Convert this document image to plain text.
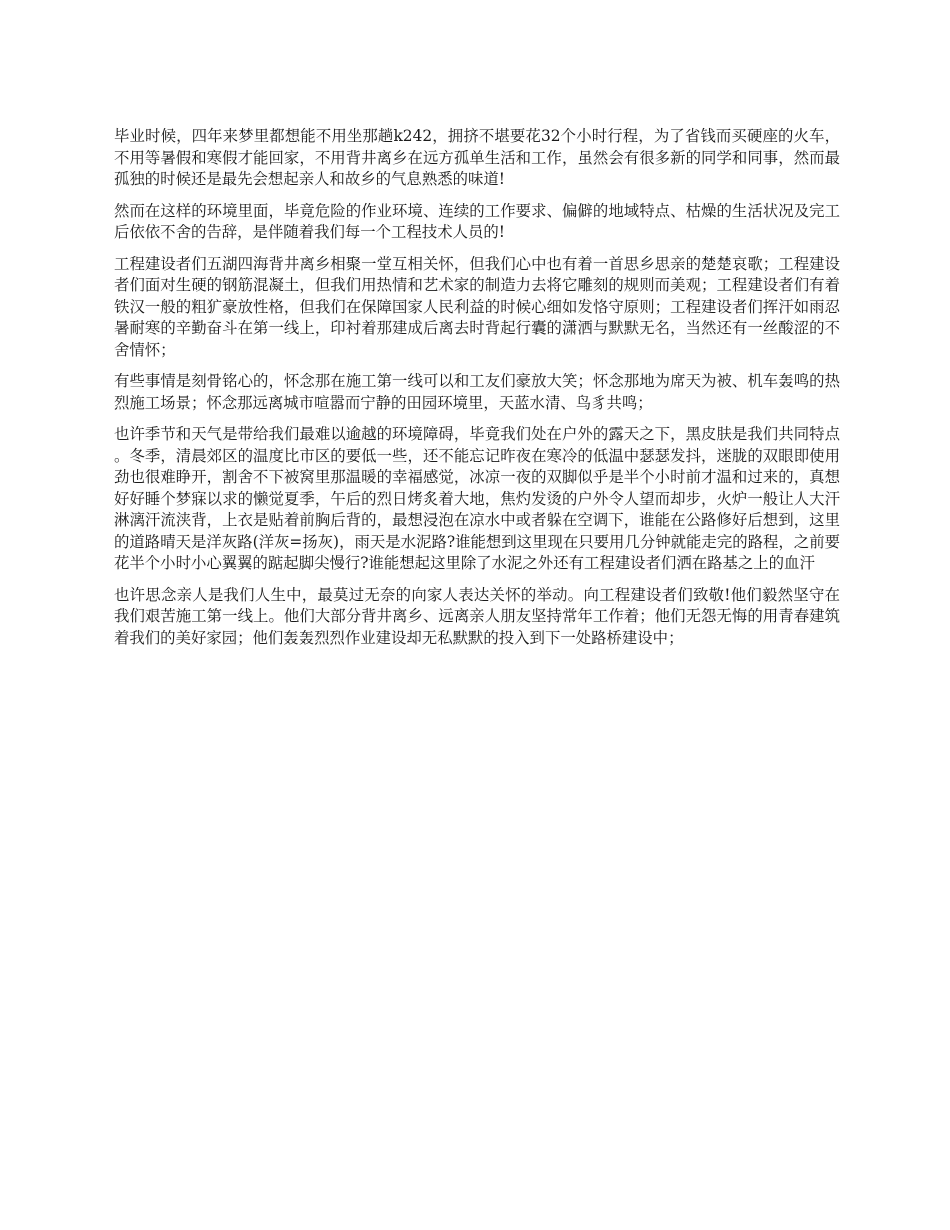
毕业时候，四年来梦里都想能不用坐那趟k242，拥挤不堪要花32个小时行程，为了省钱而买硬座的火车，不用等暑假和寒假才能回家，不用背井离乡在远方孤单生活和工作，虽然会有很多新的同学和同事，然而最孤独的时候还是最先会想起亲人和故乡的气息熟悉的味道!

然而在这样的环境里面，毕竟危险的作业环境、连续的工作要求、偏僻的地域特点、枯燥的生活状况及完工后依依不舍的告辞，是伴随着我们每一个工程技术人员的!

工程建设者们五湖四海背井离乡相聚一堂互相关怀，但我们心中也有着一首思乡思亲的楚楚哀歌；工程建设者们面对生硬的钢筋混凝土，但我们用热情和艺术家的制造力去将它雕刻的规则而美观；工程建设者们有着铁汉一般的粗犷豪放性格，但我们在保障国家人民利益的时候心细如发恪守原则；工程建设者们挥汗如雨忍暑耐寒的辛勤奋斗在第一线上，印衬着那建成后离去时背起行囊的潇洒与默默无名，当然还有一丝酸涩的不舍情怀；

有些事情是刻骨铭心的，怀念那在施工第一线可以和工友们豪放大笑；怀念那地为席天为被、机车轰鸣的热烈施工场景；怀念那远离城市喧嚣而宁静的田园环境里，天蓝水清、鸟豸共鸣；

也许季节和天气是带给我们最难以逾越的环境障碍，毕竟我们处在户外的露天之下，黑皮肤是我们共同特点。冬季，清晨郊区的温度比市区的要低一些，还不能忘记昨夜在寒冷的低温中瑟瑟发抖，迷胧的双眼即使用劲也很难睁开，割舍不下被窝里那温暖的幸福感觉，冰凉一夜的双脚似乎是半个小时前才温和过来的，真想好好睡个梦寐以求的懒觉夏季，午后的烈日烤炙着大地，焦灼发烫的户外令人望而却步，火炉一般让人大汗淋漓汗流浃背，上衣是贴着前胸后背的，最想浸泡在凉水中或者躲在空调下，谁能在公路修好后想到，这里的道路晴天是洋灰路(洋灰=扬灰)，雨天是水泥路?谁能想到这里现在只要用几分钟就能走完的路程，之前要花半个小时小心翼翼的踮起脚尖慢行?谁能想起这里除了水泥之外还有工程建设者们洒在路基之上的血汗

也许思念亲人是我们人生中，最莫过无奈的向家人表达关怀的举动。向工程建设者们致敬!他们毅然坚守在我们艰苦施工第一线上。他们大部分背井离乡、远离亲人朋友坚持常年工作着；他们无怨无悔的用青春建筑着我们的美好家园；他们轰轰烈烈作业建设却无私默默的投入到下一处路桥建设中；
